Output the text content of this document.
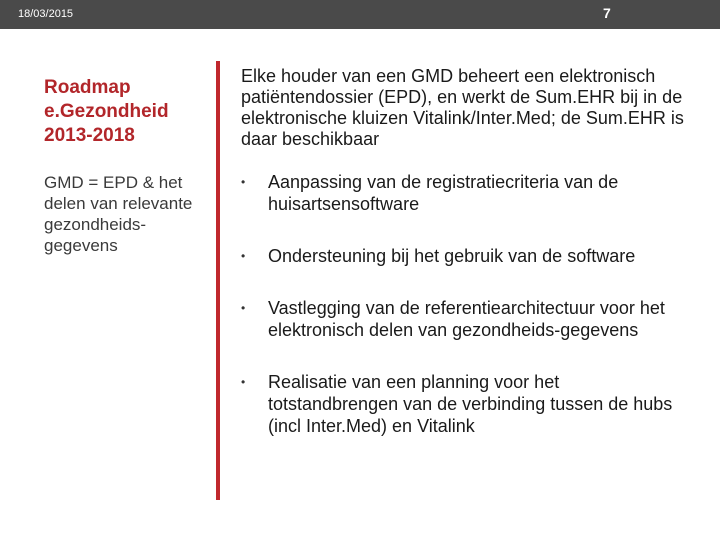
18/03/2015	7
Roadmap e.Gezondheid 2013-2018
GMD = EPD & het delen van relevante gezondheids-gegevens

Elke houder van een GMD beheert een elektronisch patiëntendossier (EPD), en werkt de Sum.EHR bij in de elektronische kluizen Vitalink/Inter.Med; de Sum.EHR is daar beschikbaar

• Aanpassing van de registratiecriteria van de huisartsensoftware
• Ondersteuning bij het gebruik van de software
• Vastlegging van de referentiearchitectuur voor het elektronisch delen van gezondheids-gegevens
• Realisatie van een planning voor het totstandbrengen van de verbinding tussen de hubs (incl Inter.Med) en Vitalink
